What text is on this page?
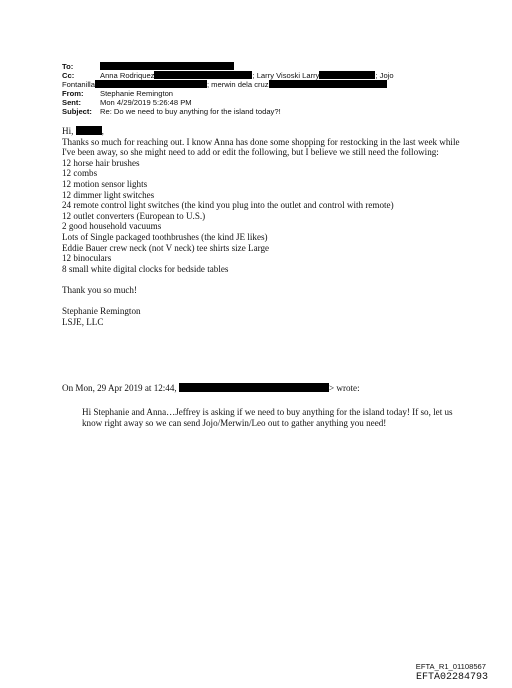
To:
Cc:	Anna Rodriquez	; Larry Visoski Larry	; Jojo
Fontanilla	; merwin dela cruz
From: Stephanie Remington
Sent:	Mon 4/29/2019 5:26:48 PM
Subject: Re: Do we need to buy anything for the island today?!

Hi,	,

Thanks so much for reaching out. I know Anna has done some shopping for restocking in the last week while I've been away, so she might need to add or edit the following, but I believe we still need the following:

12 horse hair brushes
12 combs
12 motion sensor lights
12 dimmer light switches
24 remote control light switches (the kind you plug into the outlet and control with remote)
12 outlet converters (European to U.S.)
2 good household vacuums
Lots of Single packaged toothbrushes (the kind JE likes)
Eddie Bauer crew neck (not V neck) tee shirts size Large
12 binoculars
8 small white digital clocks for bedside tables

Thank you so much!

Stephanie Remington

LSJE, LLC

On Mon, 29 Apr 2019 at 12:44,	> wrote:
Hi Stephanie and Anna…Jeffrey is asking if we need to buy anything for the island today! If so, let us know right away so we can send Jojo/Merwin/Leo out to gather anything you need!
EFTA_R1_01108567
EFTA02284793
